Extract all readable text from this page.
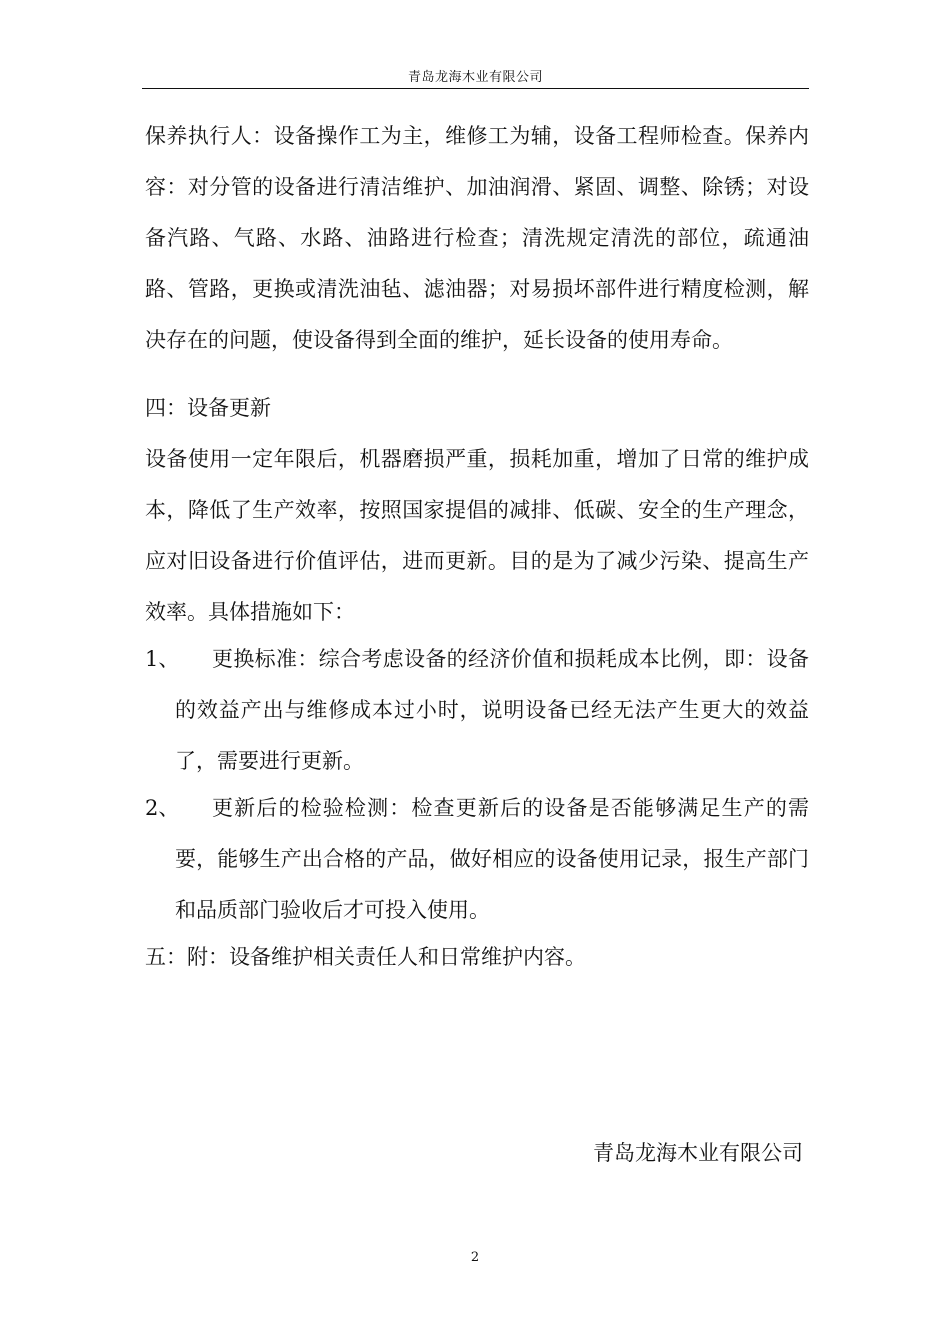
青岛龙海木业有限公司
保养执行人：设备操作工为主，维修工为辅，设备工程师检查。保养内容：对分管的设备进行清洁维护、加油润滑、紧固、调整、除锈；对设备汽路、气路、水路、油路进行检查；清洗规定清洗的部位，疏通油路、管路，更换或清洗油毡、滤油器；对易损坏部件进行精度检测，解决存在的问题，使设备得到全面的维护，延长设备的使用寿命。
四：设备更新
设备使用一定年限后，机器磨损严重，损耗加重，增加了日常的维护成本，降低了生产效率，按照国家提倡的减排、低碳、安全的生产理念，应对旧设备进行价值评估，进而更新。目的是为了减少污染、提高生产效率。具体措施如下：
1、	更换标准：综合考虑设备的经济价值和损耗成本比例，即：设备的效益产出与维修成本过小时，说明设备已经无法产生更大的效益了，需要进行更新。
2、	更新后的检验检测：检查更新后的设备是否能够满足生产的需要，能够生产出合格的产品，做好相应的设备使用记录，报生产部门和品质部门验收后才可投入使用。
五：附：设备维护相关责任人和日常维护内容。
青岛龙海木业有限公司
2
